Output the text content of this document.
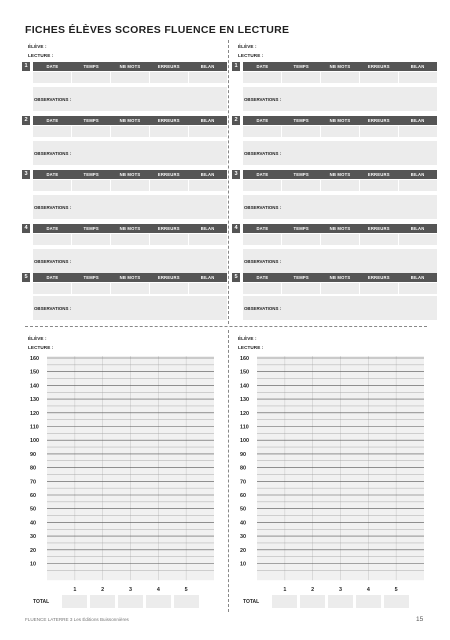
FICHES ÉLÈVES SCORES FLUENCE EN LECTURE
ÉLÈVE :
LECTURE :
1	DATE	TEMPS	NB MOTS	ERREURS	BILAN
OBSERVATIONS :
2	DATE	TEMPS	NB MOTS	ERREURS	BILAN
OBSERVATIONS :
3	DATE	TEMPS	NB MOTS	ERREURS	BILAN
OBSERVATIONS :
4	DATE	TEMPS	NB MOTS	ERREURS	BILAN
OBSERVATIONS :
5	DATE	TEMPS	NB MOTS	ERREURS	BILAN
OBSERVATIONS :
ÉLÈVE :
LECTURE :
1	DATE	TEMPS	NB MOTS	ERREURS	BILAN
OBSERVATIONS :
2	DATE	TEMPS	NB MOTS	ERREURS	BILAN
OBSERVATIONS :
3	DATE	TEMPS	NB MOTS	ERREURS	BILAN
OBSERVATIONS :
4	DATE	TEMPS	NB MOTS	ERREURS	BILAN
OBSERVATIONS :
5	DATE	TEMPS	NB MOTS	ERREURS	BILAN
OBSERVATIONS :
ÉLÈVE :
LECTURE :
160
150
140
130
120
110
100
90
80
70
60
50
40
30
20
10
1	2	3	4	5
TOTAL
ÉLÈVE :
LECTURE :
160
150
140
130
120
110
100
90
80
70
60
50
40
30
20
10
1	2	3	4	5
TOTAL
FLUENCE LATERRE 3 Les Éditions Buissonnières	15
